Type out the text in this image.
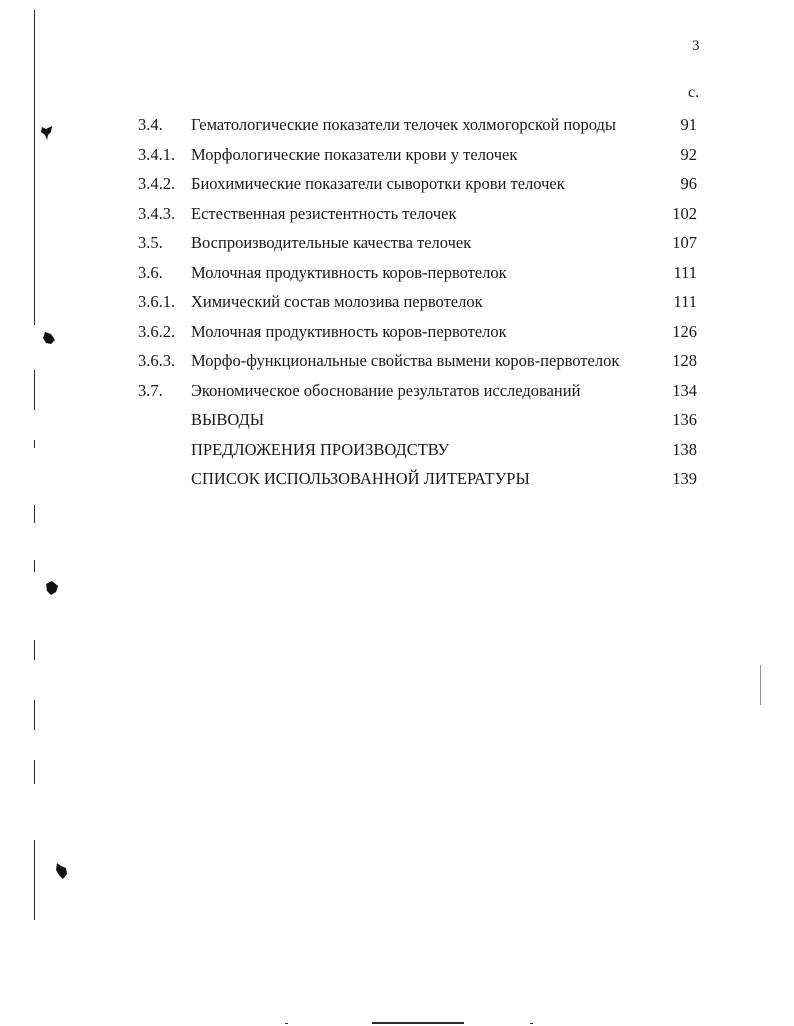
3
с.
3.4. Гематологические показатели телочек холмогорской породы	91
3.4.1. Морфологические показатели крови у телочек	92
3.4.2. Биохимические показатели сыворотки крови телочек	96
3.4.3. Естественная резистентность телочек	102
3.5. Воспроизводительные качества телочек	107
3.6. Молочная продуктивность коров-первотелок	111
3.6.1. Химический состав молозива первотелок	111
3.6.2. Молочная продуктивность коров-первотелок	126
3.6.3. Морфо-функциональные свойства вымени коров-первотелок	128
3.7. Экономическое обоснование результатов исследований	134
ВЫВОДЫ	136
ПРЕДЛОЖЕНИЯ ПРОИЗВОДСТВУ	138
СПИСОК ИСПОЛЬЗОВАННОЙ ЛИТЕРАТУРЫ	139
